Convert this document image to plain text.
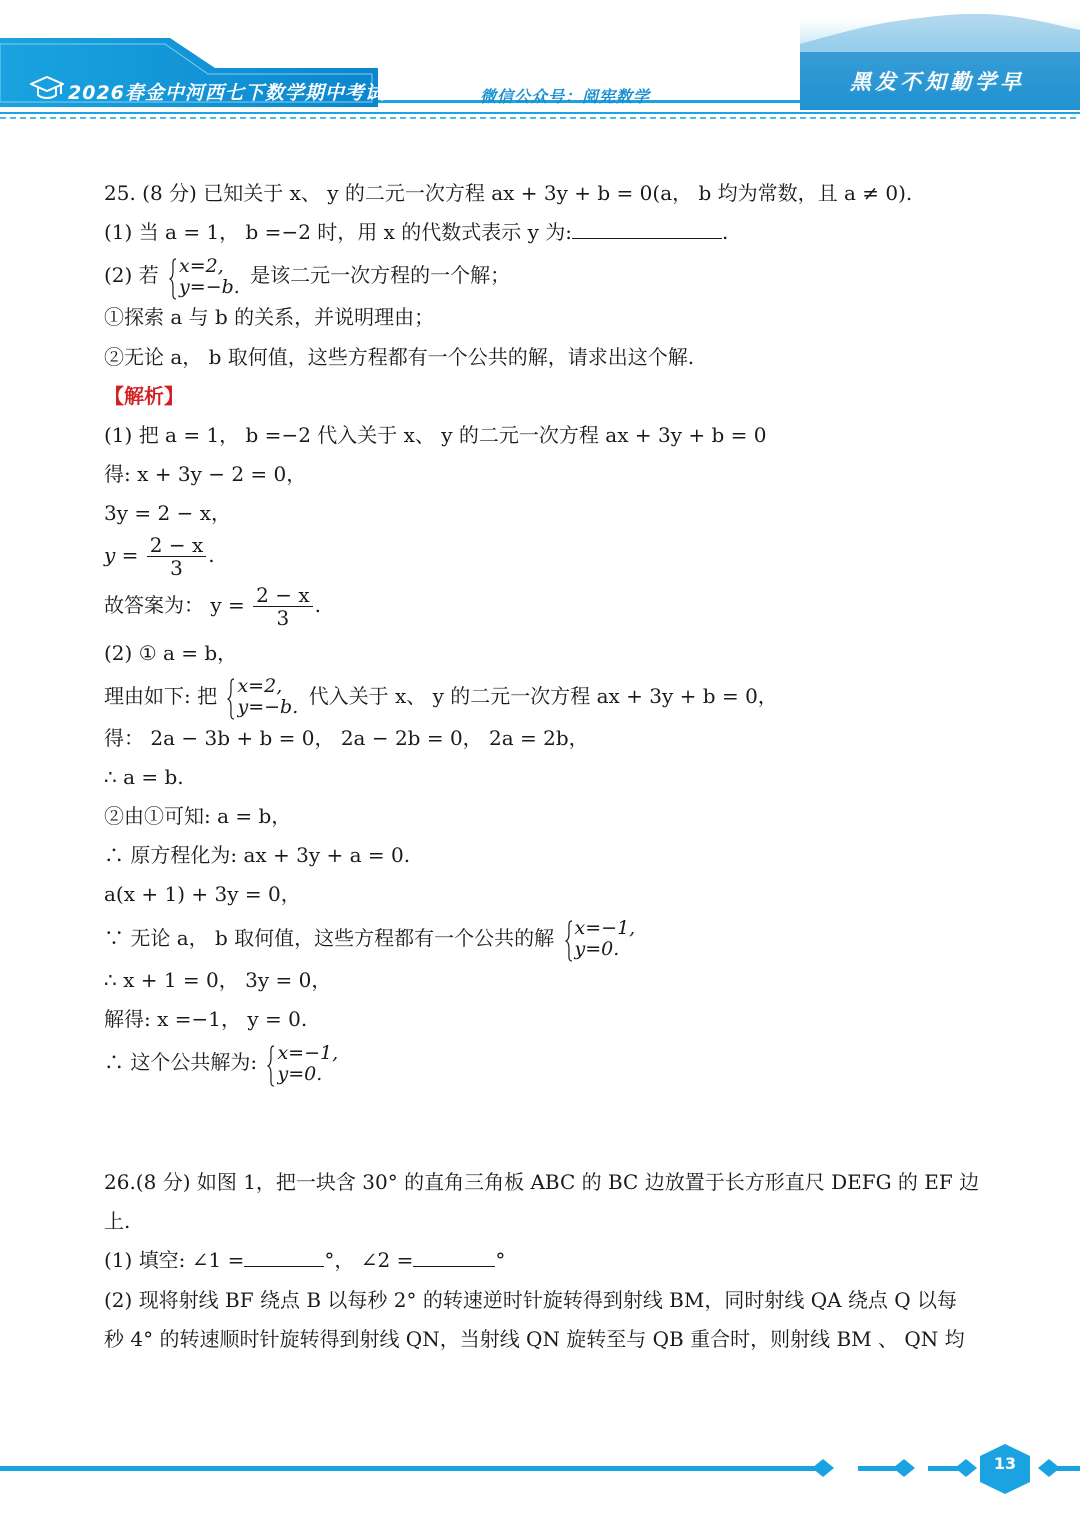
2026春金中河西七下数学期中考试	微信公众号：阅宪数学
黑发不知勤学早
25. (8 分) 已知关于 x、 y 的二元一次方程 ax + 3y + b = 0(a， b 均为常数，且 a ≠ 0).
(1) 当 a = 1， b =−2 时，用 x 的代数式表示 y 为:	.
(2) 若 x=2,
y=−b. 是该二元一次方程的一个解；
①探索 a 与 b 的关系，并说明理由；
②无论 a， b 取何值，这些方程都有一个公共的解，请求出这个解.
【解析】
(1) 把 a = 1， b =−2 代入关于 x、 y 的二元一次方程 ax + 3y + b = 0
得: x + 3y − 2 = 0，
3y = 2 − x，
$y = \frac{2 - x}{3}$ .
故答案为： $y = \frac{2 - x}{3}$ .
(2) ① a = b，
理由如下: 把 x=2,
y=−b. 代入关于 x、 y 的二元一次方程 ax + 3y + b = 0，
得： 2a − 3b + b = 0， 2a − 2b = 0， 2a = 2b，
∴ a = b.
②由①可知: a = b，
∴ 原方程化为: ax + 3y + a = 0.
a(x + 1) + 3y = 0，
∵ 无论 a， b 取何值，这些方程都有一个公共的解 x=−1,
y=0.
∴ x + 1 = 0， 3y = 0，
解得: x =−1， y = 0.
∴ 这个公共解为: x=−1,
y=0.
26.(8 分) 如图 1，把一块含 30° 的直角三角板 ABC 的 BC 边放置于长方形直尺 DEFG 的 EF 边
上.
(1) 填空: ∠1 =	°， ∠2 =	°
(2) 现将射线 BF 绕点 B 以每秒 2° 的转速逆时针旋转得到射线 BM，同时射线 QA 绕点 Q 以每
秒 4° 的转速顺时针旋转得到射线 QN，当射线 QN 旋转至与 QB 重合时，则射线 BM 、 QN 均
13
